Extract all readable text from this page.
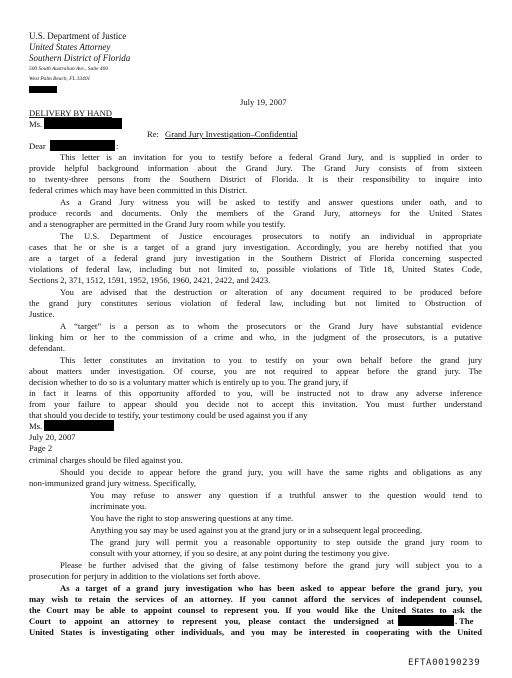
U.S. Department of Justice
United States Attorney
Southern District of Florida
500 South Australian Ave., Suite 400
West Palm Beach, FL 33401
July 19, 2007
DELIVERY BY HAND
Ms.
Re: Grand Jury Investigation–Confidential
Dear	:
This letter is an invitation for you to testify before a federal Grand Jury, and is supplied in order to
provide helpful background information about the Grand Jury. The Grand Jury consists of from sixteen
to twenty-three persons from the Southern District of Florida. It is their responsibility to inquire into
federal crimes which may have been committed in this District.
As a Grand Jury witness you will be asked to testify and answer questions under oath, and to
produce records and documents. Only the members of the Grand Jury, attorneys for the United States
and a stenographer are permitted in the Grand Jury room while you testify.
The U.S. Department of Justice encourages prosecutors to notify an individual in appropriate
cases that he or she is a target of a grand jury investigation. Accordingly, you are hereby notified that you
are a target of a federal grand jury investigation in the Southern District of Florida concerning suspected
violations of federal law, including but not limited to, possible violations of Title 18, United States Code,
Sections 2, 371, 1512, 1591, 1952, 1956, 1960, 2421, 2422, and 2423.
You are advised that the destruction or alteration of any document required to be produced before
the grand jury constitutes serious violation of federal law, including but not limited to Obstruction of
Justice.
A “target” is a person as to whom the prosecutors or the Grand Jury have substantial evidence
linking him or her to the commission of a crime and who, in the judgment of the prosecutors, is a putative
defendant.
This letter constitutes an invitation to you to testify on your own behalf before the grand jury
about matters under investigation. Of course, you are not required to appear before the grand jury. The
decision whether to do so is a voluntary matter which is entirely up to you. The grand jury, if
in fact it learns of this opportunity afforded to you, will be instructed not to draw any adverse inference
from your failure to appear should you decide not to accept this invitation. You must further understand
that should you decide to testify, your testimony could be used against you if any
Ms.
July 20, 2007
Page 2
criminal charges should be filed against you.
Should you decide to appear before the grand jury, you will have the same rights and obligations as any
non-immunized grand jury witness. Specifically,
You may refuse to answer any question if a truthful answer to the question would tend to
incriminate you.
You have the right to stop answering questions at any time.
Anything you say may be used against you at the grand jury or in a subsequent legal proceeding.
The grand jury will permit you a reasonable opportunity to step outside the grand jury room to
consult with your attorney, if you so desire, at any point during the testimony you give.
Please be further advised that the giving of false testimony before the grand jury will subject you to a
prosecution for perjury in addition to the violations set forth above.
As a target of a grand jury investigation who has been asked to appear before the grand jury, you
may wish to retain the services of an attorney. If you cannot afford the services of independent counsel,
the Court may be able to appoint counsel to represent you. If you would like the United States to ask the
Court to appoint an attorney to represent you, please contact the undersigned at	. The
United States is investigating other individuals, and you may be interested in cooperating with the United
EFTA00190239
